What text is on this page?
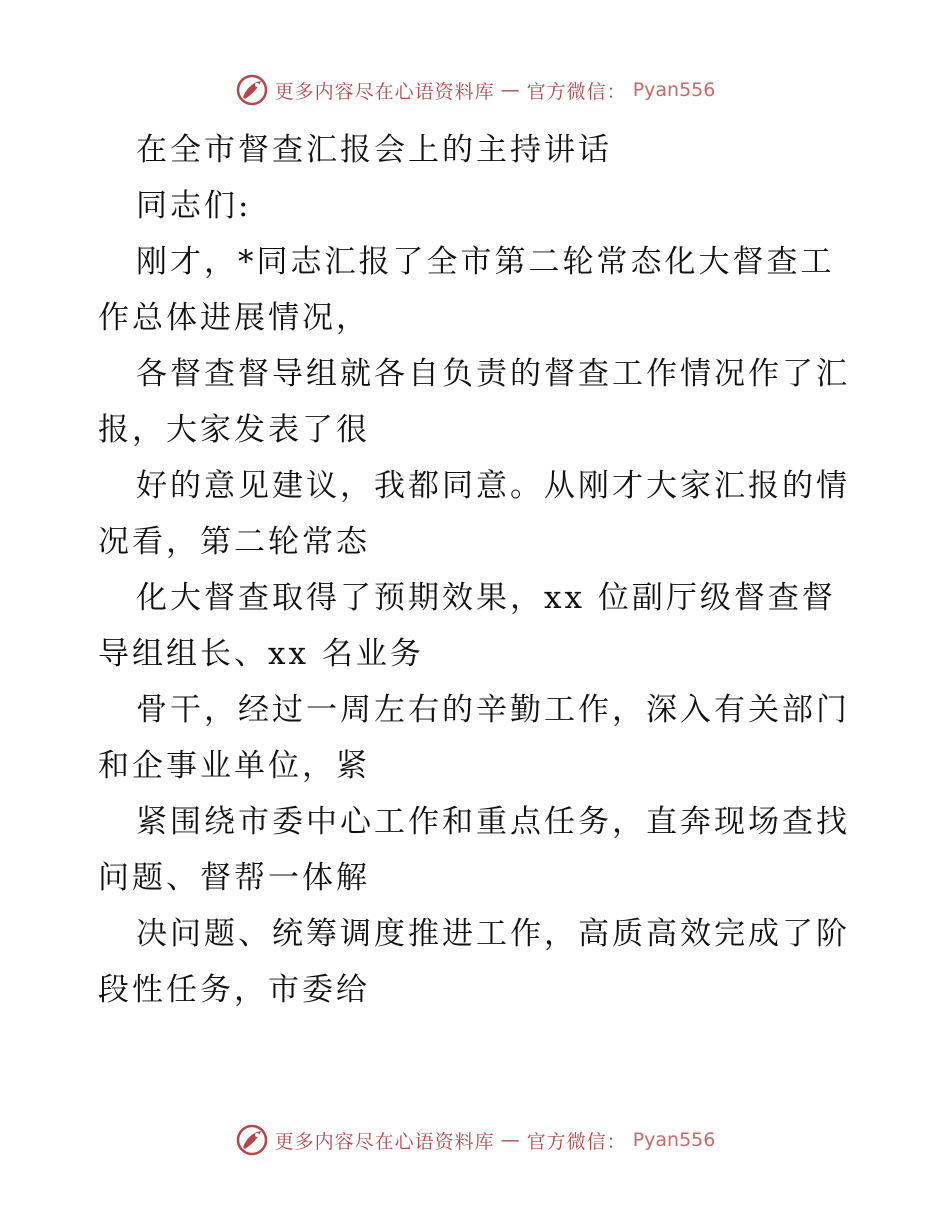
更多内容尽在心语资料库 — 官方微信： Pyan556
在全市督查汇报会上的主持讲话
同志们:
刚才，*同志汇报了全市第二轮常态化大督查工
作总体进展情况，
各督查督导组就各自负责的督查工作情况作了汇
报，大家发表了很
好的意见建议，我都同意。从刚才大家汇报的情
况看，第二轮常态
化大督查取得了预期效果，xx 位副厅级督查督
导组组长、xx 名业务
骨干，经过一周左右的辛勤工作，深入有关部门
和企事业单位，紧
紧围绕市委中心工作和重点任务，直奔现场查找
问题、督帮一体解
决问题、统筹调度推进工作，高质高效完成了阶
段性任务，市委给
更多内容尽在心语资料库 — 官方微信： Pyan556
